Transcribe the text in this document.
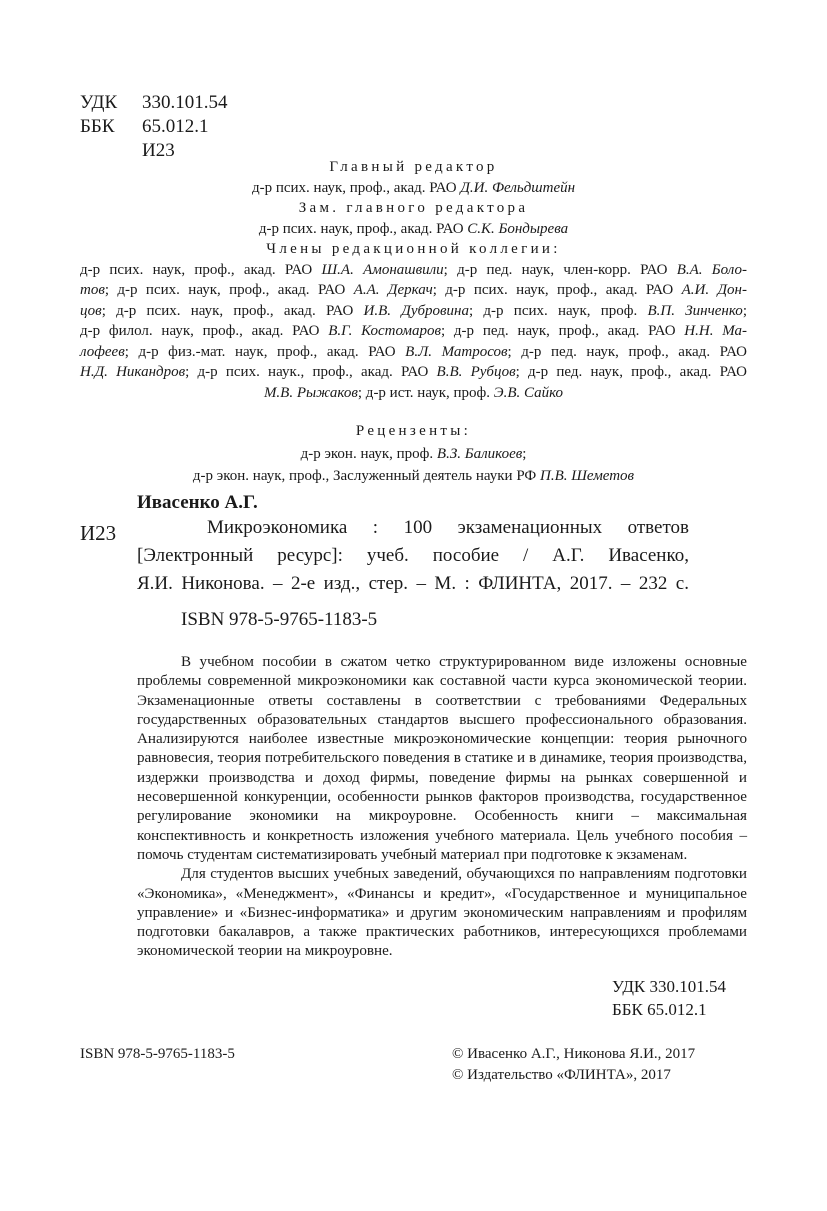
УДК 330.101.54
ББК 65.012.1
И23
Главный редактор
д-р псих. наук, проф., акад. РАО Д.И. Фельдштейн
Зам. главного редактора
д-р псих. наук, проф., акад. РАО С.К. Бондырева
Члены редакционной коллегии:
д-р псих. наук, проф., акад. РАО Ш.А. Амонашвили; д-р пед. наук, член-корр. РАО В.А. Боло-
тов; д-р псих. наук, проф., акад. РАО А.А. Деркач; д-р псих. наук, проф., акад. РАО А.И. Дон-
цов; д-р псих. наук, проф., акад. РАО И.В. Дубровина; д-р псих. наук, проф. В.П. Зинченко;
д-р филол. наук, проф., акад. РАО В.Г. Костомаров; д-р пед. наук, проф., акад. РАО Н.Н. Ма-
лофеев; д-р физ.-мат. наук, проф., акад. РАО В.Л. Матросов; д-р пед. наук, проф., акад. РАО
Н.Д. Никандров; д-р псих. наук., проф., акад. РАО В.В. Рубцов; д-р пед. наук, проф., акад. РАО
М.В. Рыжаков; д-р ист. наук, проф. Э.В. Сайко
Рецензенты:
д-р экон. наук, проф. В.З. Баликоев;
д-р экон. наук, проф., Заслуженный деятель науки РФ П.В. Шеметов
Ивасенко А.Г.
И23	Микроэкономика : 100 экзаменационных ответов
[Электронный ресурс]: учеб. пособие / А.Г. Ивасенко,
Я.И. Никонова. – 2-е изд., стер. – М. : ФЛИНТА, 2017. – 232 с.
ISBN 978-5-9765-1183-5
В учебном пособии в сжатом четко структурированном виде изложены основные проблемы современной микроэкономики как составной части курса экономической теории. Экзаменационные ответы составлены в соответствии с требованиями Федеральных государственных образовательных стандартов высшего профессионального образования. Анализируются наиболее известные микроэкономические концепции: теория рыночного равновесия, теория потребительского поведения в статике и в динамике, теория производства, издержки производства и доход фирмы, поведение фирмы на рынках совершенной и несовершенной конкуренции, особенности рынков факторов производства, государственное регулирование экономики на микроуровне. Особенность книги – максимальная конспективность и конкретность изложения учебного материала. Цель учебного пособия – помочь студентам систематизировать учебный материал при подготовке к экзаменам.
Для студентов высших учебных заведений, обучающихся по направлениям подготовки «Экономика», «Менеджмент», «Финансы и кредит», «Государственное и муниципальное управление» и «Бизнес-информатика» и другим экономическим направлениям и профилям подготовки бакалавров, а также практических работников, интересующихся проблемами экономической теории на микроуровне.
УДК 330.101.54
ББК 65.012.1
ISBN 978-5-9765-1183-5	© Ивасенко А.Г., Никонова Я.И., 2017
© Издательство «ФЛИНТА», 2017
